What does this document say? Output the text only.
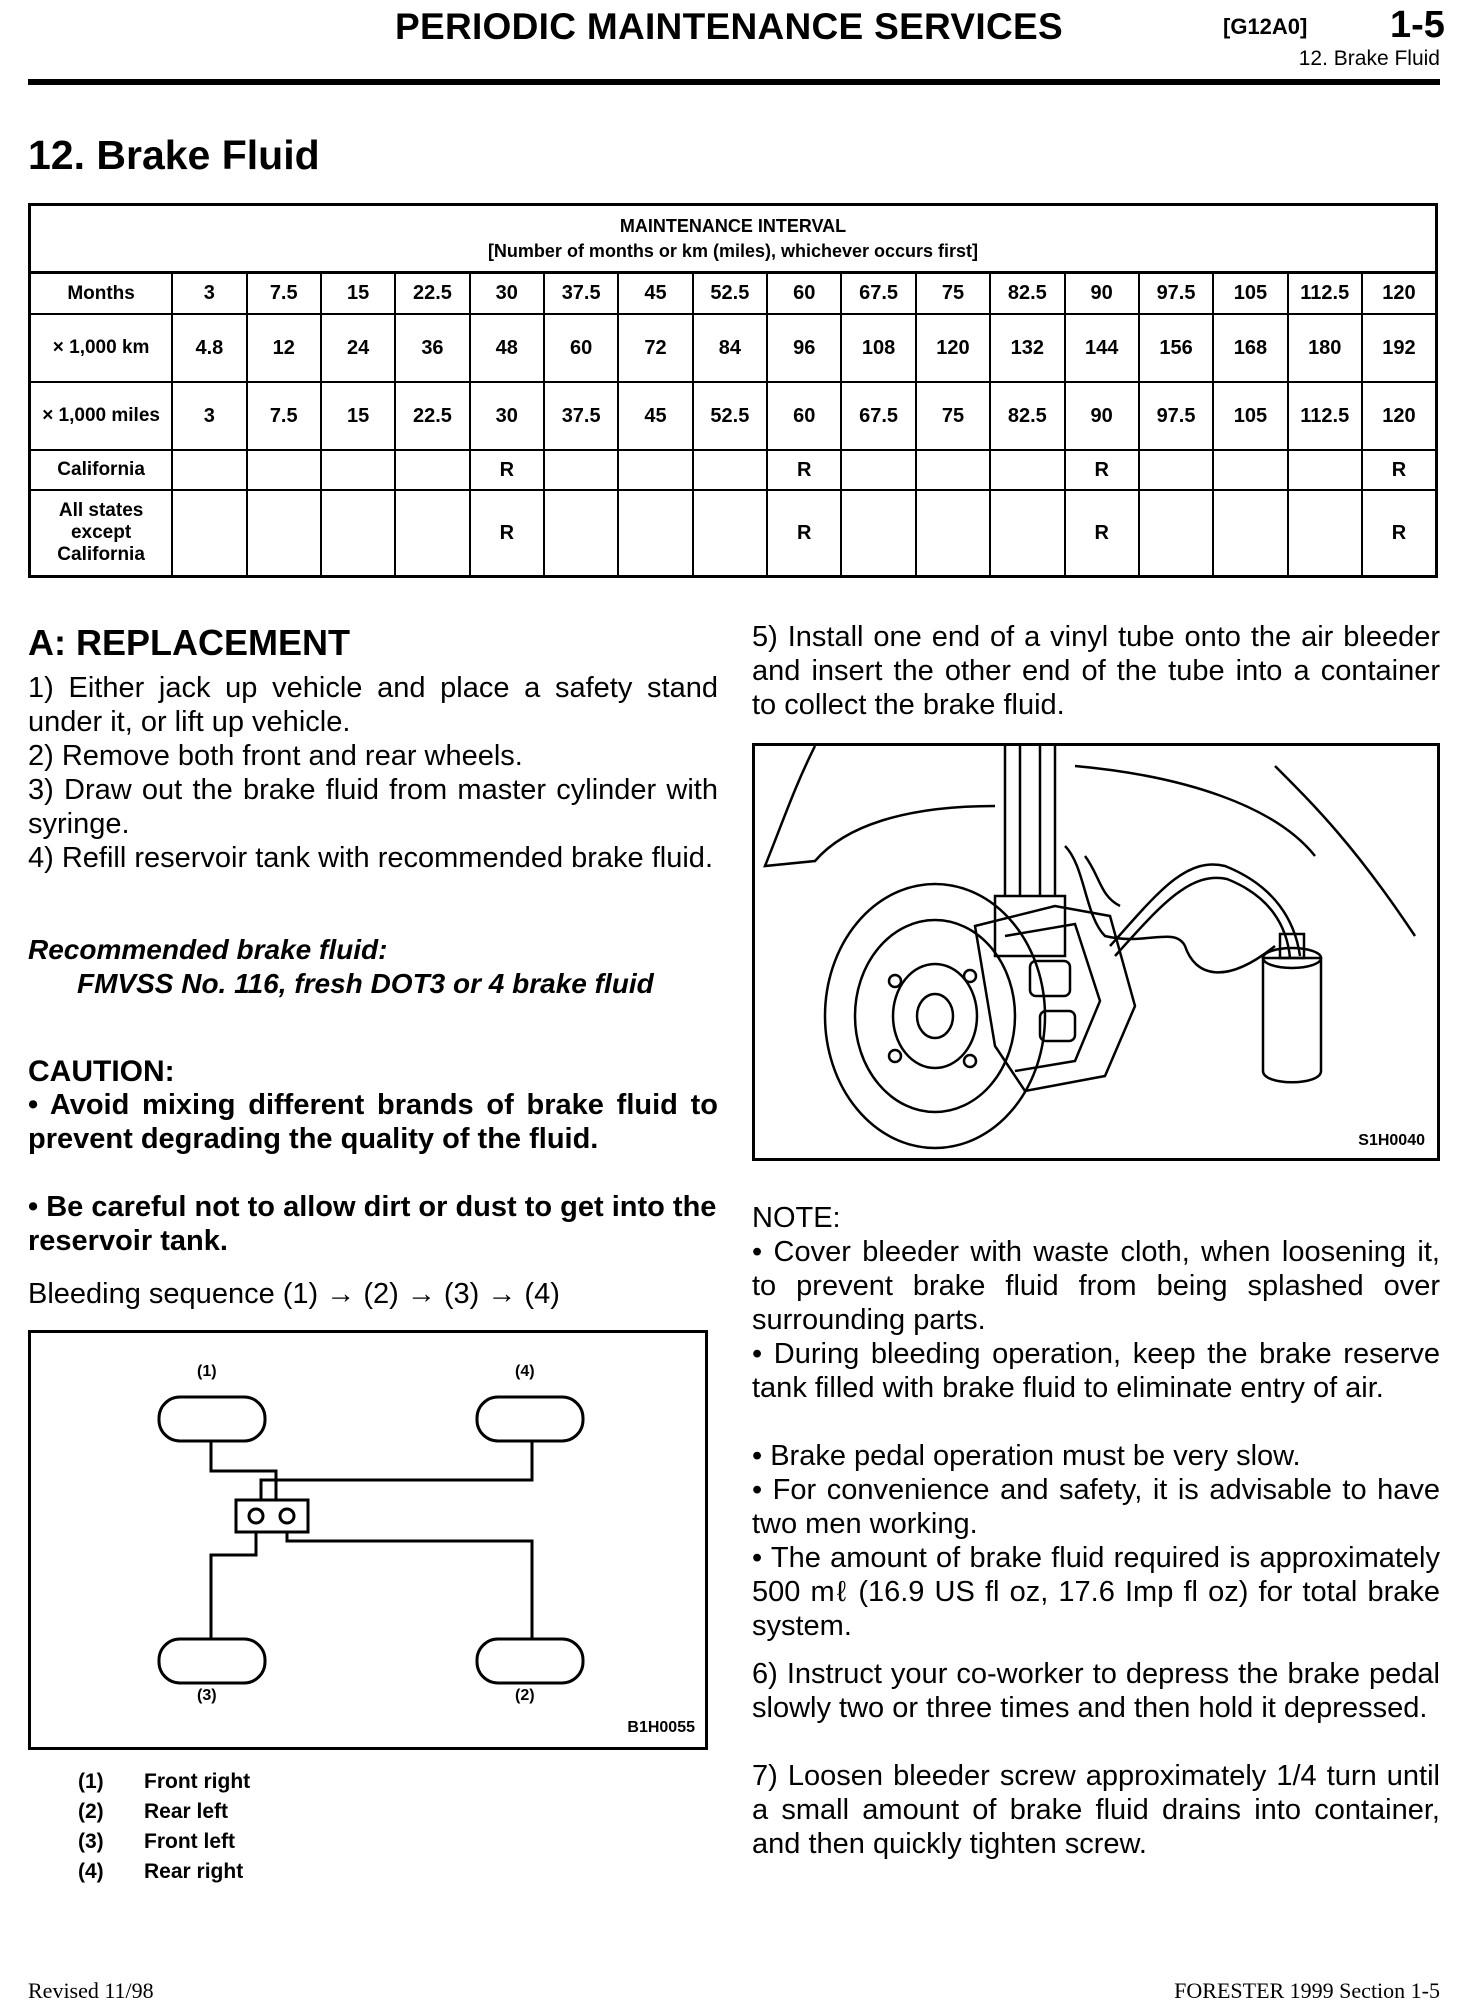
PERIODIC MAINTENANCE SERVICES	[G12A0] 1-5
12. Brake Fluid
12. Brake Fluid
MAINTENANCE INTERVAL
[Number of months or km (miles), whichever occurs first]																	

Months	3	7.5	15	22.5	30	37.5	45	52.5	60	67.5	75	82.5	90	97.5	105	112.5	120
× 1,000 km	4.8	12	24	36	48	60	72	84	96	108	120	132	144	156	168	180	192
× 1,000 miles	3	7.5	15	22.5	30	37.5	45	52.5	60	67.5	75	82.5	90	97.5	105	112.5	120
California					R				R				R				R
All states except California					R				R				R				R
A: REPLACEMENT

1) Either jack up vehicle and place a safety stand under it, or lift up vehicle.

2) Remove both front and rear wheels.

3) Draw out the brake fluid from master cylinder with syringe.

4) Refill reservoir tank with recommended brake fluid.

Recommended brake fluid:
FMVSS No. 116, fresh DOT3 or 4 brake fluid
CAUTION:

• Avoid mixing different brands of brake fluid to prevent degrading the quality of the fluid.

• Be careful not to allow dirt or dust to get into the reservoir tank.

Bleeding sequence (1) → (2) → (3) → (4)
(1)	(4)
(3)	(2)
B1H0055
(1)	Front right
(2)	Rear left
(3)	Front left
(4)	Rear right

5) Install one end of a vinyl tube onto the air bleeder and insert the other end of the tube into a container to collect the brake fluid.

S1H0040
NOTE:

• Cover bleeder with waste cloth, when loosening it, to prevent brake fluid from being splashed over surrounding parts.

• During bleeding operation, keep the brake reserve tank filled with brake fluid to eliminate entry of air.

• Brake pedal operation must be very slow.

• For convenience and safety, it is advisable to have two men working.

• The amount of brake fluid required is approximately 500 mℓ (16.9 US fl oz, 17.6 Imp fl oz) for total brake system.

6) Instruct your co-worker to depress the brake pedal slowly two or three times and then hold it depressed.

7) Loosen bleeder screw approximately 1/4 turn until a small amount of brake fluid drains into container, and then quickly tighten screw.

Revised 11/98	FORESTER 1999 Section 1-5
